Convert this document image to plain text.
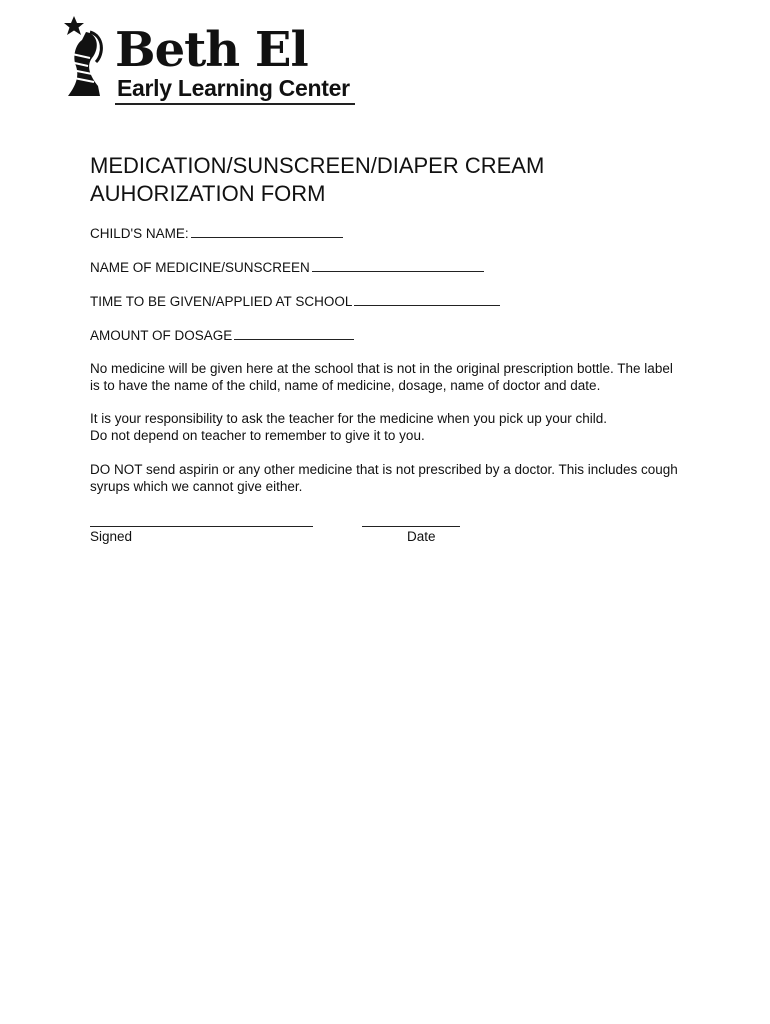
Beth El
Early Learning Center
MEDICATION/SUNSCREEN/DIAPER CREAM
AUHORIZATION FORM
CHILD'S NAME:
NAME OF MEDICINE/SUNSCREEN
TIME TO BE GIVEN/APPLIED AT SCHOOL
AMOUNT OF DOSAGE
No medicine will be given here at the school that is not in the original prescription bottle. The label
is to have the name of the child, name of medicine, dosage, name of doctor and date.
It is your responsibility to ask the teacher for the medicine when you pick up your child.
Do not depend on teacher to remember to give it to you.
DO NOT send aspirin or any other medicine that is not prescribed by a doctor. This includes cough
syrups which we cannot give either.
Signed	Date
